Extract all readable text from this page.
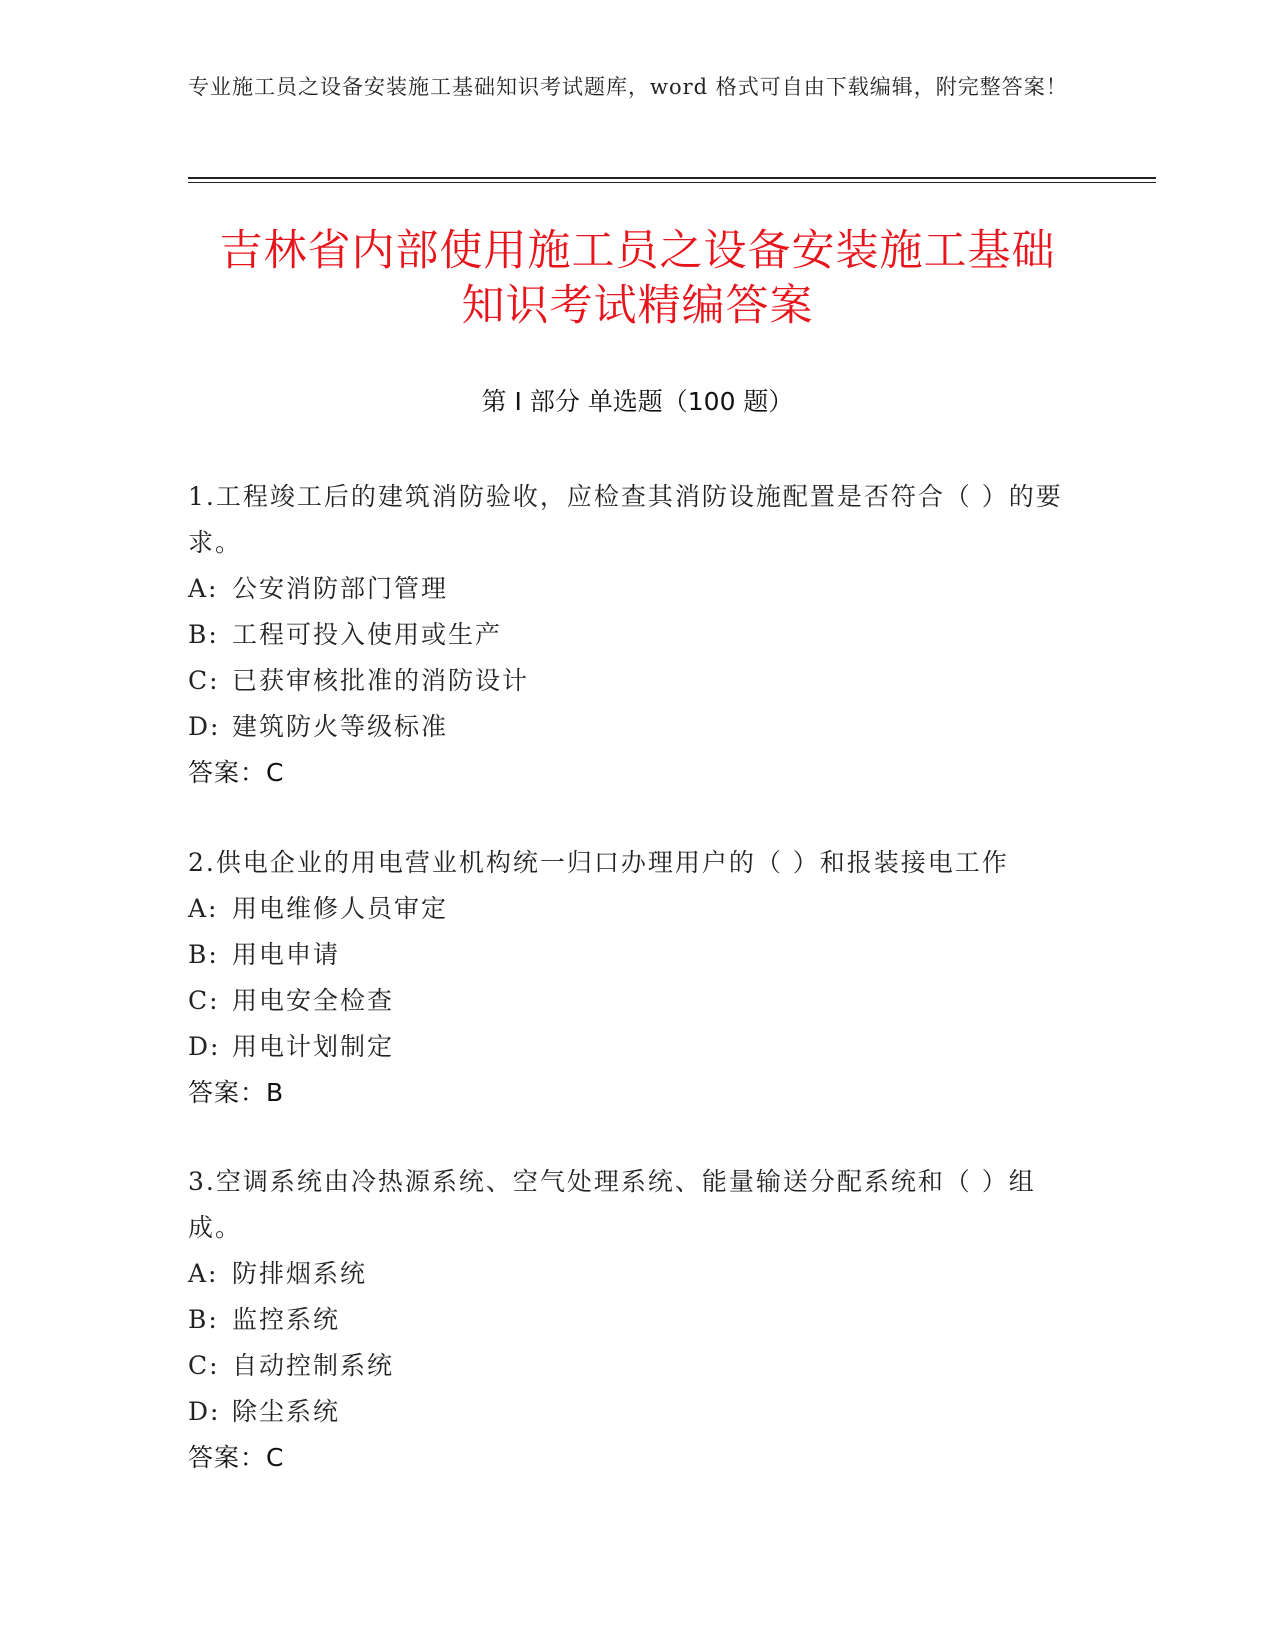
专业施工员之设备安装施工基础知识考试题库，word 格式可自由下载编辑，附完整答案！
吉林省内部使用施工员之设备安装施工基础
知识考试精编答案
第 I 部分 单选题（100 题）

1.工程竣工后的建筑消防验收，应检查其消防设施配置是否符合（ ）的要求。

A: 公安消防部门管理

B: 工程可投入使用或生产

C: 已获审核批准的消防设计

D: 建筑防火等级标准

答案：C

2.供电企业的用电营业机构统一归口办理用户的（ ）和报装接电工作

A: 用电维修人员审定

B: 用电申请

C: 用电安全检查

D: 用电计划制定

答案：B

3.空调系统由冷热源系统、空气处理系统、能量输送分配系统和（ ）组成。

A: 防排烟系统

B: 监控系统

C: 自动控制系统

D: 除尘系统

答案：C
